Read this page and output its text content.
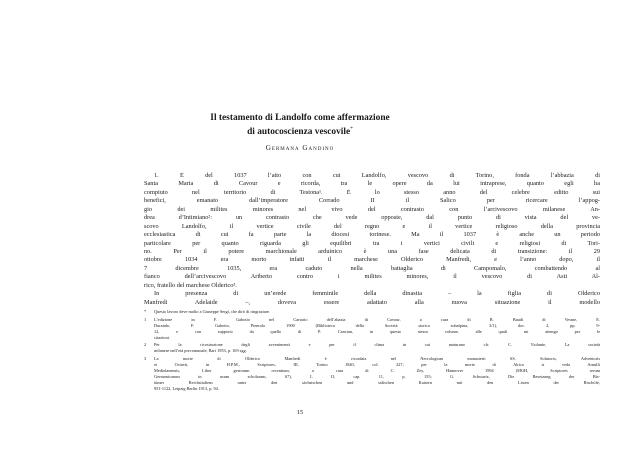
Il testamento di Landolfo come affermazione
di autocoscienza vescovile*
Germana Gandino
1. È del 1037 l’atto con cui Landolfo, vescovo di Torino, fonda l’abbazia di
Santa Maria di Cavour e ricorda, tra le opere da lui intraprese, quanto egli ha
compiuto nel territorio di Testona¹. È lo stesso anno del celebre editto sui
benefici, emanato dall’imperatore Corrado II il Salico per ricercare l’appog-
gio dei milites minores nel vivo del contrasto con l’arcivescovo milanese An-
drea d’Intimiano²: un contrasto che vede opposte, dal punto di vista del ve-
scovo Landolfo, il vertice civile del regno e il vertice religioso della provincia
ecclesiastica di cui fa parte la diocesi torinese. Ma il 1037 è anche un periodo
particolare per quanto riguarda gli equilibri tra i vertici civili e religiosi di Tori-
no. Per il potere marchionale arduinico è una fase delicata di transizione: il 29
ottobre 1034 era morto infatti il marchese Olderico Manfredi, e l’anno dopo, il
7 dicembre 1035, era caduto nella battaglia di Campomalo, combattendo al
fianco dell’arcivescovo Ariberto contro i milites minores, il vescovo di Asti Al-
rico, fratello del marchese Olderico³.
In presenza di un’erede femminile della dinastia – la figlia di Olderico
Manfredi Adelaide –, doveva essere adattato alla nuova situazione il modello
* Questo lavoro deve molto a Giuseppe Sergi, che dirò di ringraziare.
1 L’edizione in F. Gabotto nel Cartario dell’abazia di Cavour, a cura di B. Baudi di Vesme, E.
Durando, F. Gabotto, Pinerolo 1900 (Biblioteca della Società storica subalpina, 3/1), doc. 2, pp. 9-
12, e con supporto da quello di P. Cancian, in questo stesso volume, alle quali mi attengo per le
citazioni.
2 Per la ricostruzione degli avvenimenti e per il clima in cui maturano cfr. C. Violante, La società
milanese nell’età precomunale, Bari 1953, p. 169 sgg.
3 La morte di Olderico Manfredi è ricordata nel Necrologium monasterii SS. Solutoris, Adventoris
et Octavii, in H.P.M., Scriptores, III, Torino 1840, col. 227; per la morte di Alrico si veda Arnulfi
Mediolanensis, Liber gestorum recentium, a cura di C. Zey, Hannover 1994 (MGH, Scriptores rerum
Germanicarum in usum scholarum, 67), I, II, cap. 11, p. 155; G. Schwartz, Die Besetzung der Bis-
tümer Reichsitaliens unter den sächsischen und salischen Kaisern mit den Listen der Bischöfe,
951-1122, Leipzig Berlin 1913, p. 94.
15
